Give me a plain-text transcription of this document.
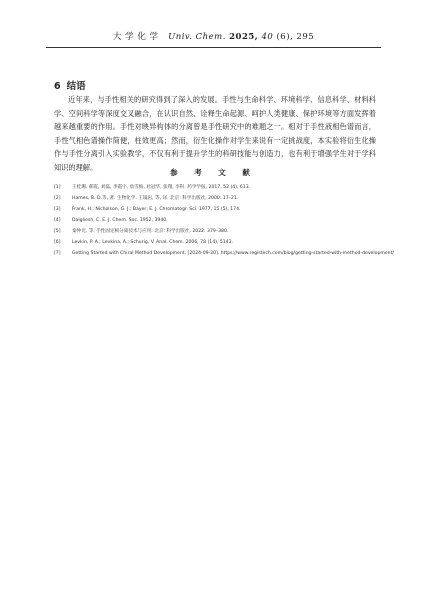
大 学 化 学 Univ. Chem. 2025, 40 (6), 295
6 结语
近年来，与手性相关的研究得到了深入的发展。手性与生命科学、环境科学、信息科学、材料科学、空间科学等深度交叉融合，在认识自然、诠释生命起源、呵护人类健康、保护环境等方面发挥着越来越重要的作用。手性对映异构体的分离曾是手性研究中的难题之一。相对于手性液相色谱而言，手性气相色谱操作简便，柱效更高；然而，衍生化操作对学生来说有一定挑战度，本实验将衍生化操作与手性分离引入实验教学，不仅有利于提升学生的科研技能与创造力，也有利于增强学生对于学科知识的理解。
参 考 文 献
[1] 王桂珊, 郝霞, 刘磊, 李霞宇, 詹雪梅, 杜冠华, 张翔, 李科. 药学学报, 2017, 52 (4), 613.
[2] Hames, B. D.等, 著. 生物化学. 王镜岩, 等, 译. 北京: 科学出版社, 2000: 17–21.
[3] Frank, H.; Nicholson, G. J.; Bayer, E. J. Chromatogr. Sci. 1977, 15 (5), 174.
[4] Dalgliesh, C. E. J. Chem. Soc. 1952, 3940.
[5] 秦仲光, 等. 手性固定相分离技术与应用. 北京: 科学出版社, 2022: 379–380.
[6] Levkin, P. A.; Levkina, A.; Schurig, V. Anal. Chem. 2006, 78 (14), 5143.
[7] Getting Started with Chiral Method Development. [2024-09-20]. https://www.registech.com/blog/getting-started-with-method-development/
